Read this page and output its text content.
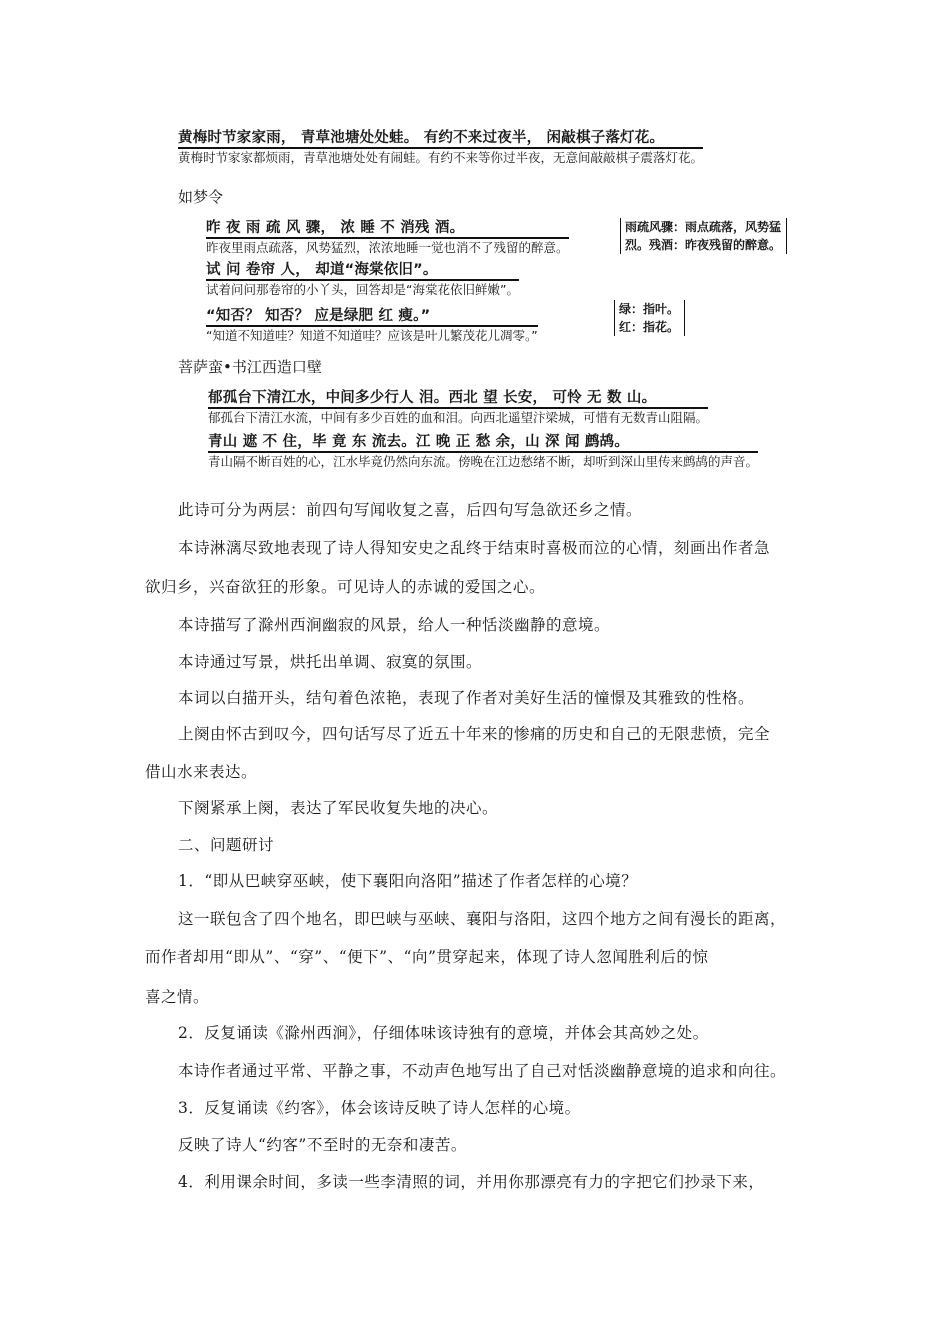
黄梅时节家家雨， 青草池塘处处蛙。 有约不来过夜半， 闲敲棋子落灯花。
黄梅时节家家都烦雨，青草池塘处处有闹蛙。有约不来等你过半夜，无意间敲敲棋子震落灯花。
如梦令
昨 夜 雨 疏 风 骤， 浓 睡 不 消残 酒。
昨夜里雨点疏落，风势猛烈，浓浓地睡一觉也消不了残留的醉意。
试 问 卷帘 人， 却道“海棠依旧”。
试着问问那卷帘的小丫头，回答却是“海棠花依旧鲜嫩”。
“知否？ 知否？ 应是绿肥 红 瘦。”
“知道不知道哇？知道不知道哇？应该是叶儿繁茂花儿凋零。”
雨疏风骤：雨点疏落，风势猛
烈。残酒：昨夜残留的醉意。
绿：指叶。
红：指花。
菩萨蛮•书江西造口壁
郁孤台下清江水，中间多少行人 泪。西北 望 长安， 可怜 无 数 山。
郁孤台下清江水流，中间有多少百姓的血和泪。向西北遥望汴梁城，可惜有无数青山阻隔。
青山 遮 不 住，毕 竟 东 流去。江 晚 正 愁 余，山 深 闻 鹧鸪。
青山隔不断百姓的心，江水毕竟仍然向东流。傍晚在江边愁绪不断，却听到深山里传来鹧鸪的声音。
此诗可分为两层：前四句写闻收复之喜，后四句写急欲还乡之情。
本诗淋漓尽致地表现了诗人得知安史之乱终于结束时喜极而泣的心情，刻画出作者急
欲归乡，兴奋欲狂的形象。可见诗人的赤诚的爱国之心。
本诗描写了滁州西涧幽寂的风景，给人一种恬淡幽静的意境。
本诗通过写景，烘托出单调、寂寞的氛围。
本词以白描开头，结句着色浓艳，表现了作者对美好生活的憧憬及其雅致的性格。
上阕由怀古到叹今，四句话写尽了近五十年来的惨痛的历史和自己的无限悲愤，完全
借山水来表达。
下阕紧承上阕，表达了军民收复失地的决心。
二、问题研讨
1．“即从巴峡穿巫峡，使下襄阳向洛阳”描述了作者怎样的心境？
这一联包含了四个地名，即巴峡与巫峡、襄阳与洛阳，这四个地方之间有漫长的距离，
而作者却用“即从”、“穿”、“便下”、“向”贯穿起来，体现了诗人忽闻胜利后的惊
喜之情。
2．反复诵读《滁州西涧》，仔细体味该诗独有的意境，并体会其高妙之处。
本诗作者通过平常、平静之事，不动声色地写出了自己对恬淡幽静意境的追求和向往。
3．反复诵读《约客》，体会该诗反映了诗人怎样的心境。
反映了诗人“约客”不至时的无奈和凄苦。
4．利用课余时间，多读一些李清照的词，并用你那漂亮有力的字把它们抄录下来，
